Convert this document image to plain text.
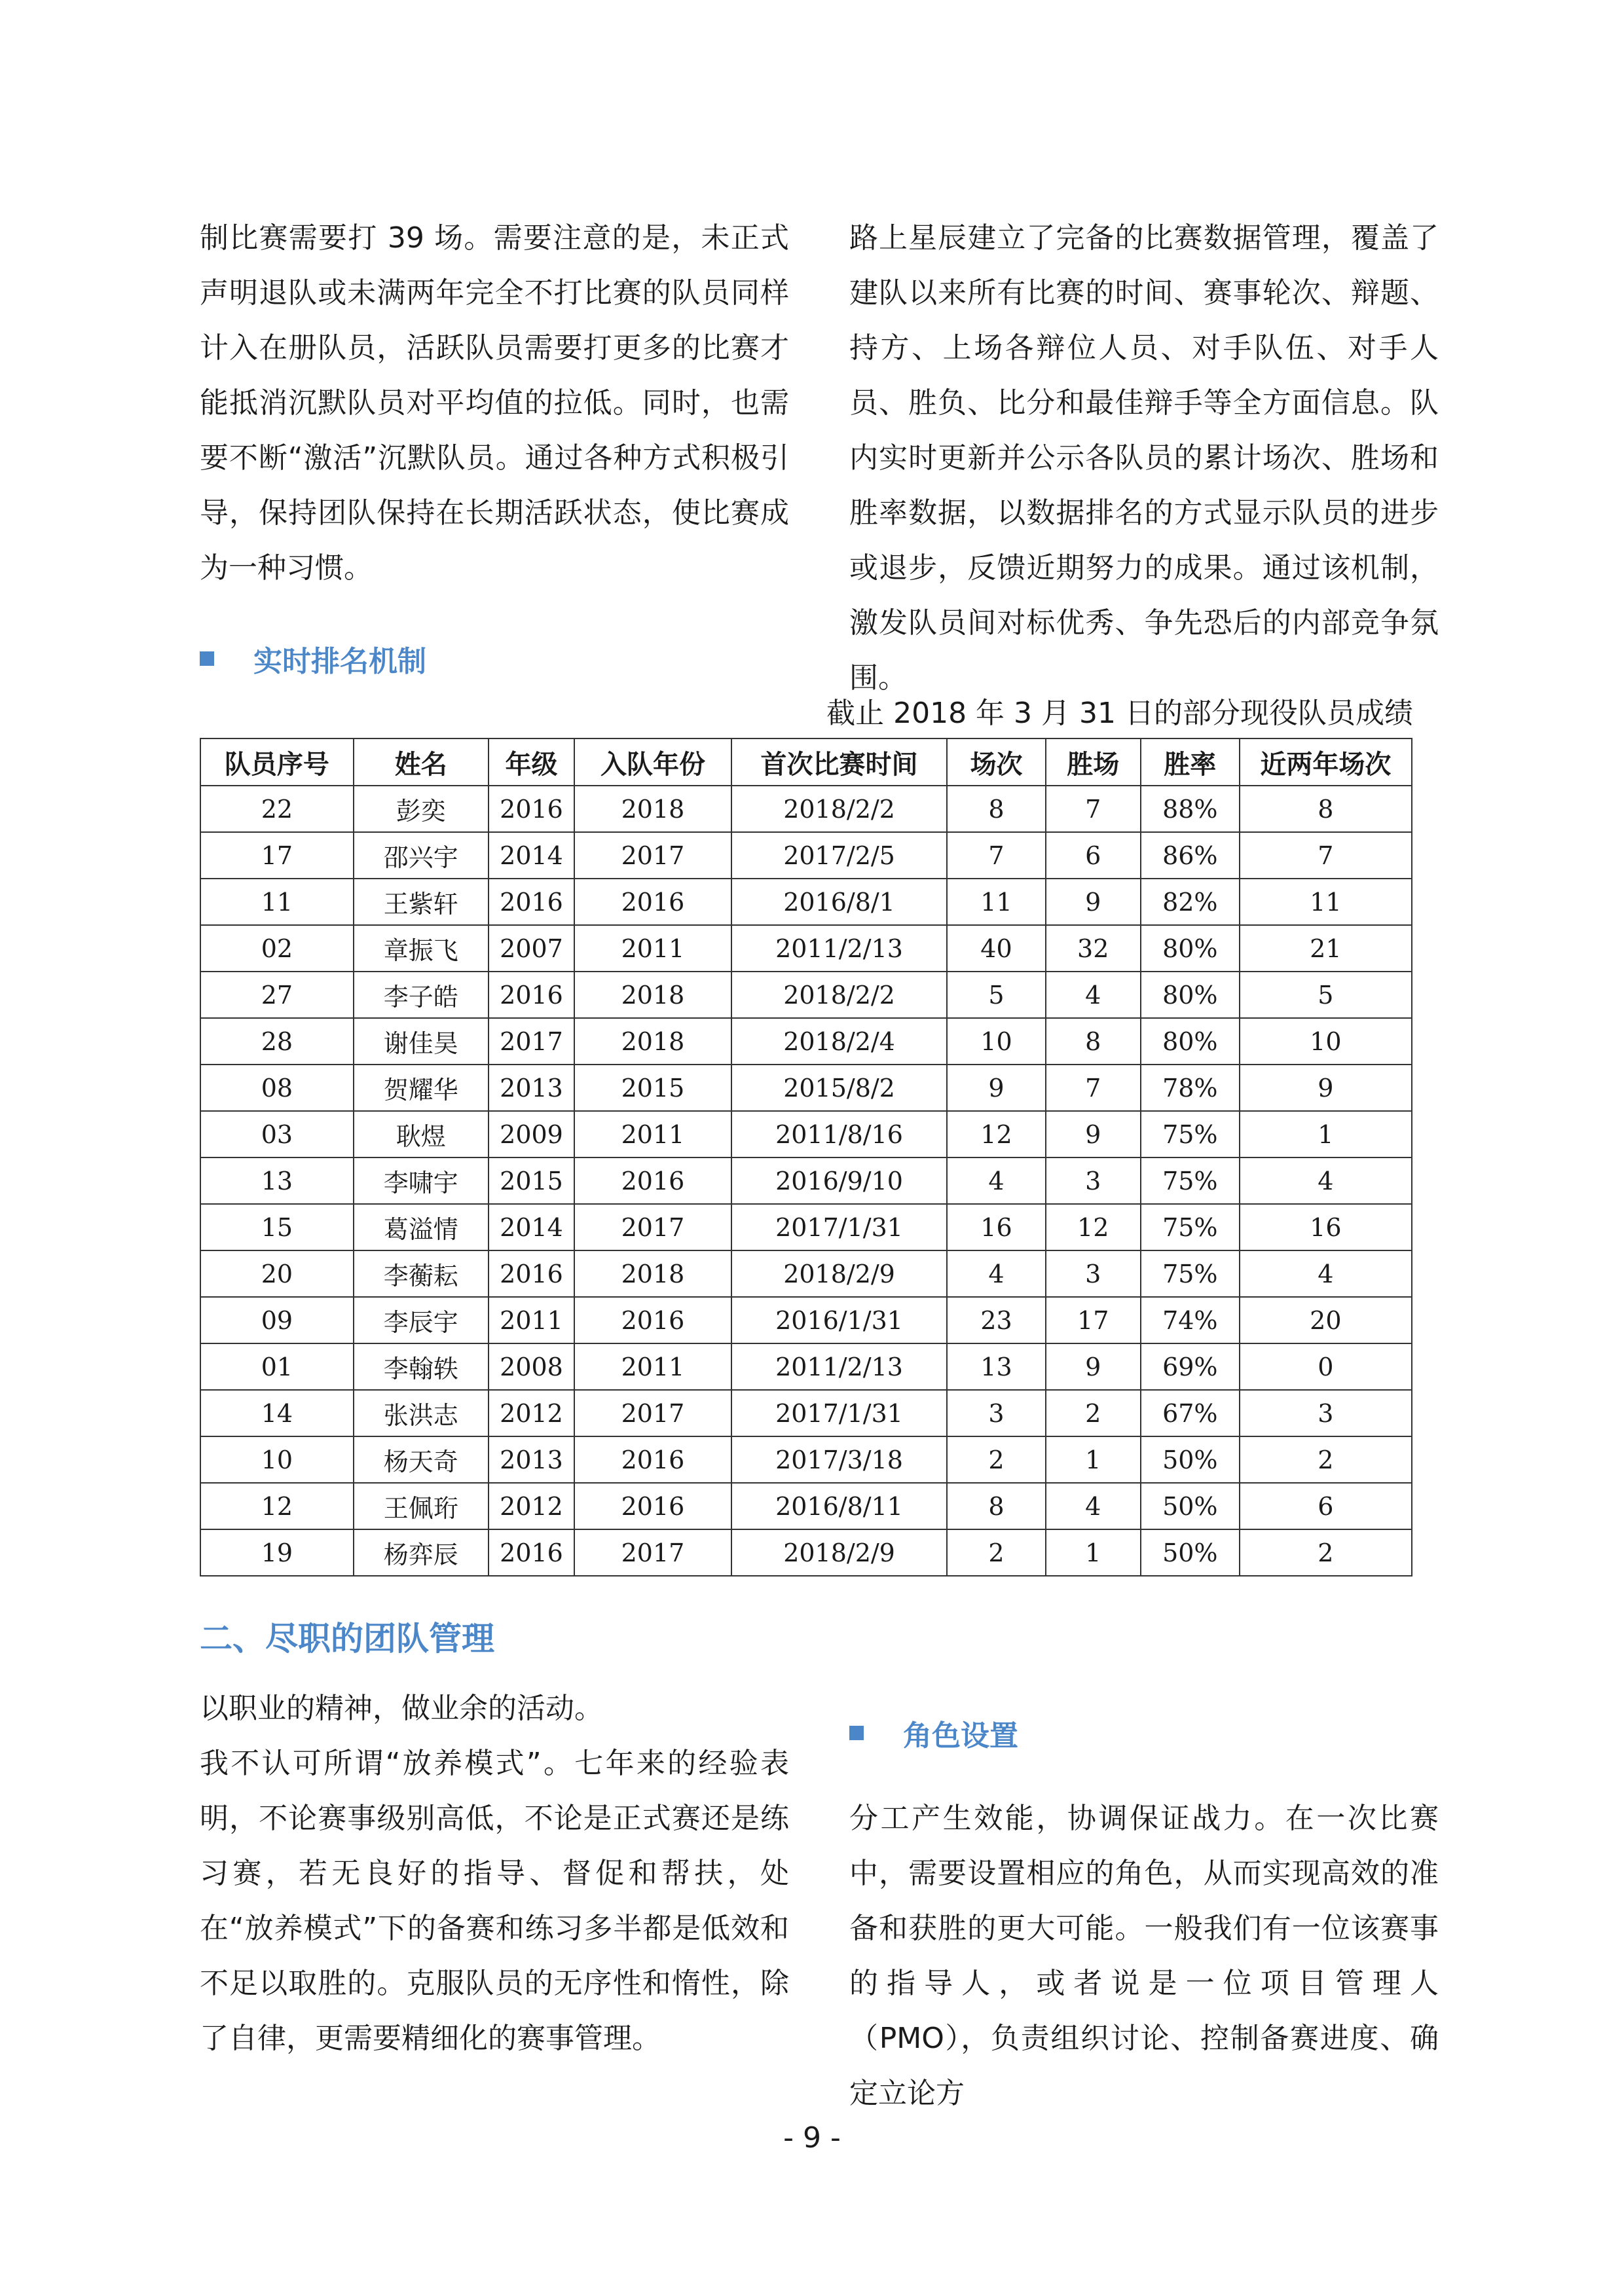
制比赛需要打 39 场。需要注意的是，未正式声明退队或未满两年完全不打比赛的队员同样计入在册队员，活跃队员需要打更多的比赛才能抵消沉默队员对平均值的拉低。同时，也需要不断“激活”沉默队员。通过各种方式积极引导，保持团队保持在长期活跃状态，使比赛成为一种习惯。

路上星辰建立了完备的比赛数据管理，覆盖了建队以来所有比赛的时间、赛事轮次、辩题、持方、上场各辩位人员、对手队伍、对手人员、胜负、比分和最佳辩手等全方面信息。队内实时更新并公示各队员的累计场次、胜场和胜率数据，以数据排名的方式显示队员的进步或退步，反馈近期努力的成果。通过该机制，激发队员间对标优秀、争先恐后的内部竞争氛围。

实时排名机制
截止 2018 年 3 月 31 日的部分现役队员成绩
队员序号	姓名	年级	入队年份	首次比赛时间	场次	胜场	胜率	近两年场次
22	彭奕	2016	2018	2018/2/2	8	7	88%	8
17	邵兴宇	2014	2017	2017/2/5	7	6	86%	7
11	王紫轩	2016	2016	2016/8/1	11	9	82%	11
02	章振飞	2007	2011	2011/2/13	40	32	80%	21
27	李子皓	2016	2018	2018/2/2	5	4	80%	5
28	谢佳昊	2017	2018	2018/2/4	10	8	80%	10
08	贺耀华	2013	2015	2015/8/2	9	7	78%	9
03	耿煜	2009	2011	2011/8/16	12	9	75%	1
13	李啸宇	2015	2016	2016/9/10	4	3	75%	4
15	葛溢情	2014	2017	2017/1/31	16	12	75%	16
20	李蘅耘	2016	2018	2018/2/9	4	3	75%	4
09	李辰宇	2011	2016	2016/1/31	23	17	74%	20
01	李翰轶	2008	2011	2011/2/13	13	9	69%	0
14	张洪志	2012	2017	2017/1/31	3	2	67%	3
10	杨天奇	2013	2016	2017/3/18	2	1	50%	2
12	王佩珩	2012	2016	2016/8/11	8	4	50%	6
19	杨弈辰	2016	2017	2018/2/9	2	1	50%	2
二、尽职的团队管理

以职业的精神，做业余的活动。

我不认可所谓“放养模式”。七年来的经验表明，不论赛事级别高低，不论是正式赛还是练习赛，若无良好的指导、督促和帮扶，处在“放养模式”下的备赛和练习多半都是低效和不足以取胜的。克服队员的无序性和惰性，除了自律，更需要精细化的赛事管理。

角色设置

分工产生效能，协调保证战力。在一次比赛中，需要设置相应的角色，从而实现高效的准备和获胜的更大可能。一般我们有一位该赛事的指导人，或者说是一位项目管理人（PMO），负责组织讨论、控制备赛进度、确定立论方

- 9 -
